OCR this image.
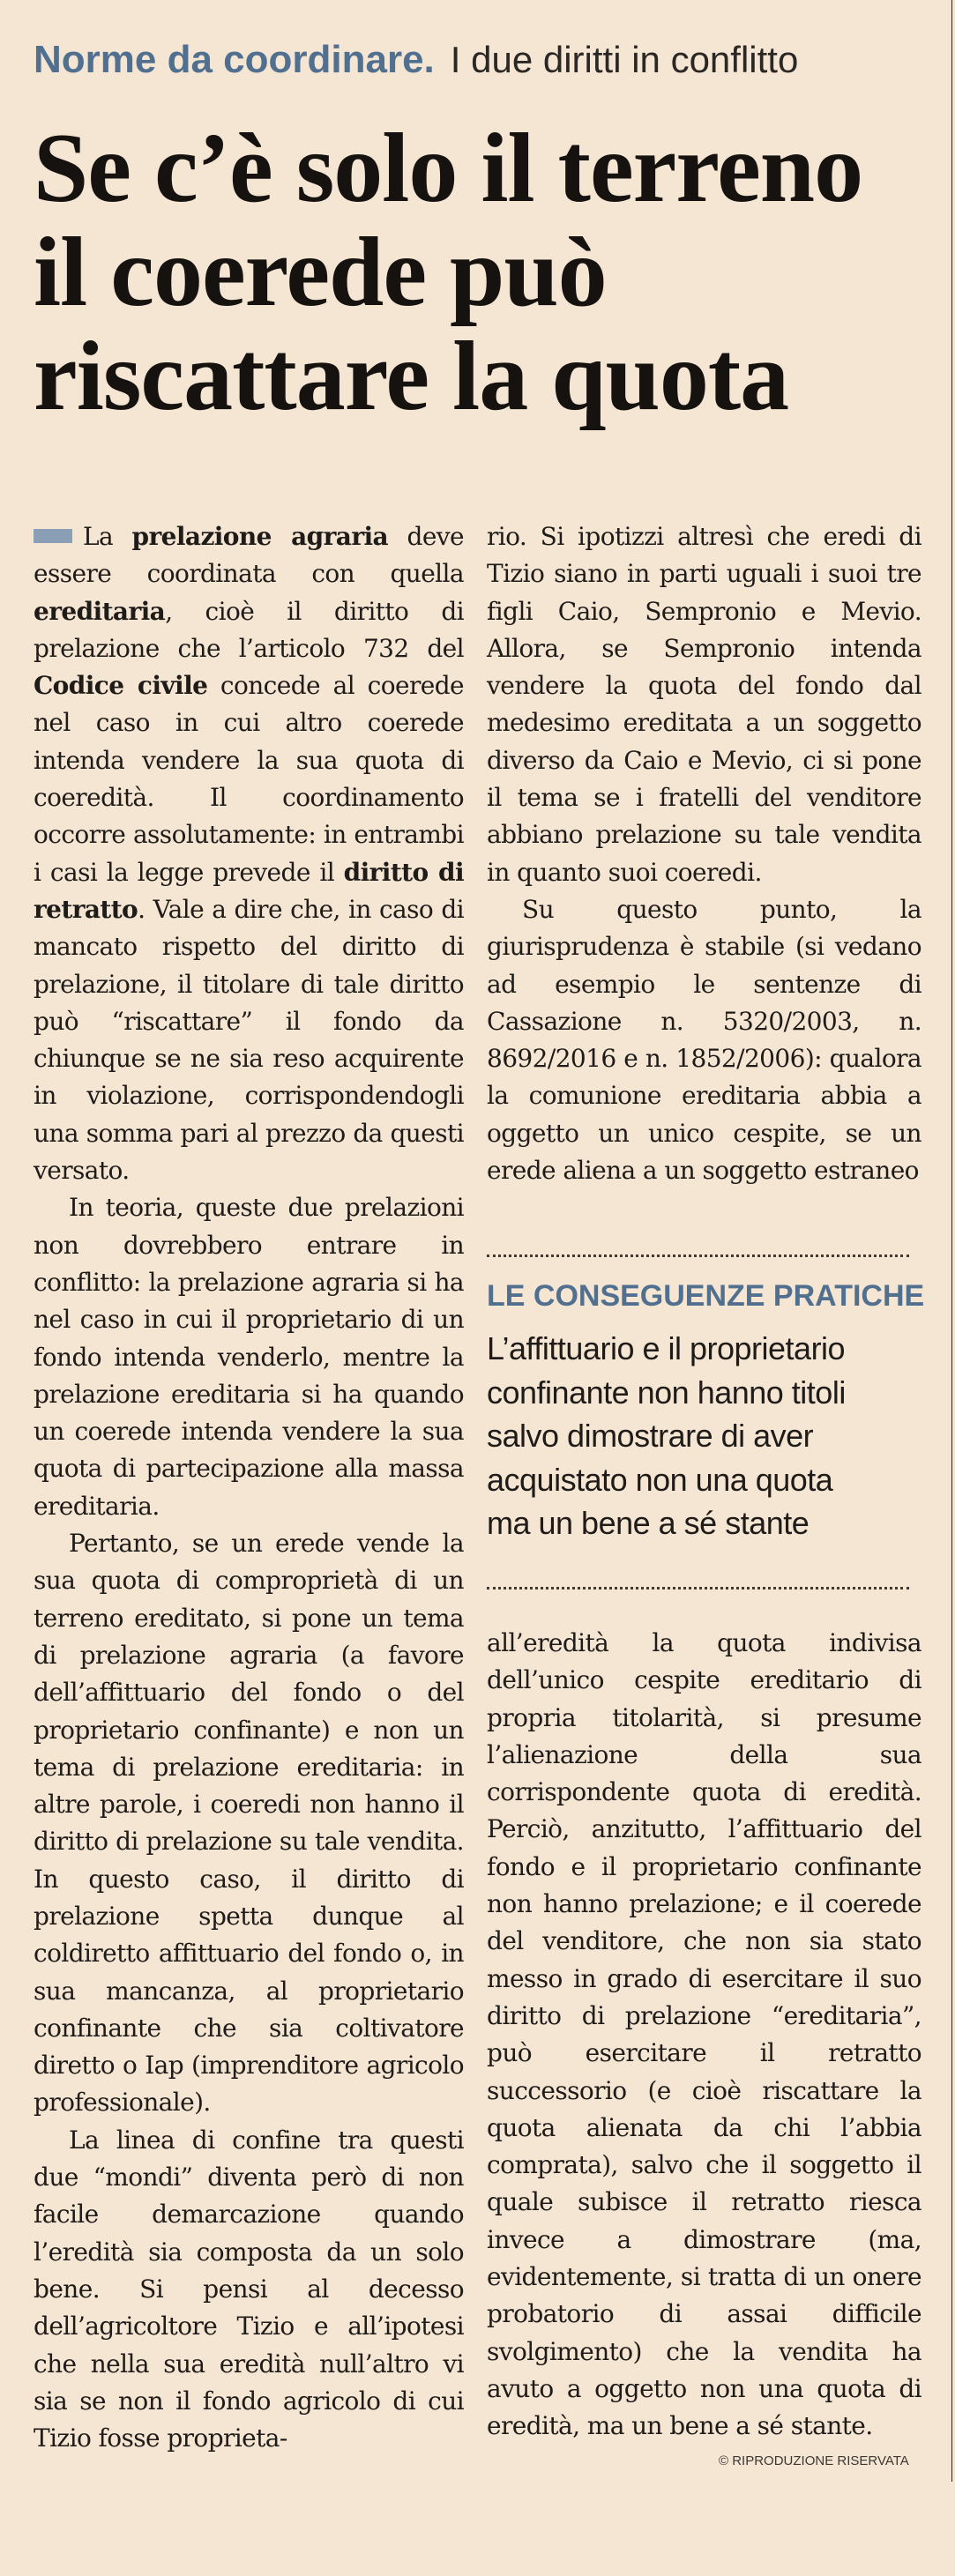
Norme da coordinare. I due diritti in conflitto
Se c’è solo il terreno
il coerede può
riscattare la quota

La prelazione agraria deve essere coordinata con quella ereditaria, cioè il diritto di prelazione che l’articolo 732 del Codice civile concede al coerede nel caso in cui altro coerede intenda vendere la sua quota di coeredità. Il coordinamento occorre assolutamente: in entrambi i casi la legge prevede il diritto di retratto. Vale a dire che, in caso di mancato rispetto del diritto di prelazione, il titolare di tale diritto può “riscattare” il fondo da chiunque se ne sia reso acquirente in violazione, corrispondendogli una somma pari al prezzo da questi versato.

In teoria, queste due prelazioni non dovrebbero entrare in conflitto: la prelazione agraria si ha nel caso in cui il proprietario di un fondo intenda venderlo, mentre la prelazione ereditaria si ha quando un coerede intenda vendere la sua quota di partecipazione alla massa ereditaria.

Pertanto, se un erede vende la sua quota di comproprietà di un terreno ereditato, si pone un tema di prelazione agraria (a favore dell’affittuario del fondo o del proprietario confinante) e non un tema di prelazione ereditaria: in altre parole, i coeredi non hanno il diritto di prelazione su tale vendita. In questo caso, il diritto di prelazione spetta dunque al coldiretto affittuario del fondo o, in sua mancanza, al proprietario confinante che sia coltivatore diretto o Iap (imprenditore agricolo professionale).

La linea di confine tra questi due “mondi” diventa però di non facile demarcazione quando l’eredità sia composta da un solo bene. Si pensi al decesso dell’agricoltore Tizio e all’ipotesi che nella sua eredità null’altro vi sia se non il fondo agricolo di cui Tizio fosse proprieta-

rio. Si ipotizzi altresì che eredi di Tizio siano in parti uguali i suoi tre figli Caio, Sempronio e Mevio. Allora, se Sempronio intenda vendere la quota del fondo dal medesimo ereditata a un soggetto diverso da Caio e Mevio, ci si pone il tema se i fratelli del venditore abbiano prelazione su tale vendita in quanto suoi coeredi.

Su questo punto, la giurisprudenza è stabile (si vedano ad esempio le sentenze di Cassazione n. 5320/2003, n. 8692/2016 e n. 1852/2006): qualora la comunione ereditaria abbia a oggetto un unico cespite, se un erede aliena a un soggetto estraneo

LE CONSEGUENZE PRATICHE
L’affittuario e il proprietario
confinante non hanno titoli
salvo dimostrare di aver
acquistato non una quota
ma un bene a sé stante

all’eredità la quota indivisa dell’unico cespite ereditario di propria titolarità, si presume l’alienazione della sua corrispondente quota di eredità. Perciò, anzitutto, l’affittuario del fondo e il proprietario confinante non hanno prelazione; e il coerede del venditore, che non sia stato messo in grado di esercitare il suo diritto di prelazione “ereditaria”, può esercitare il retratto successorio (e cioè riscattare la quota alienata da chi l’abbia comprata), salvo che il soggetto il quale subisce il retratto riesca invece a dimostrare (ma, evidentemente, si tratta di un onere probatorio di assai difficile svolgimento) che la vendita ha avuto a oggetto non una quota di eredità, ma un bene a sé stante.

© RIPRODUZIONE RISERVATA
